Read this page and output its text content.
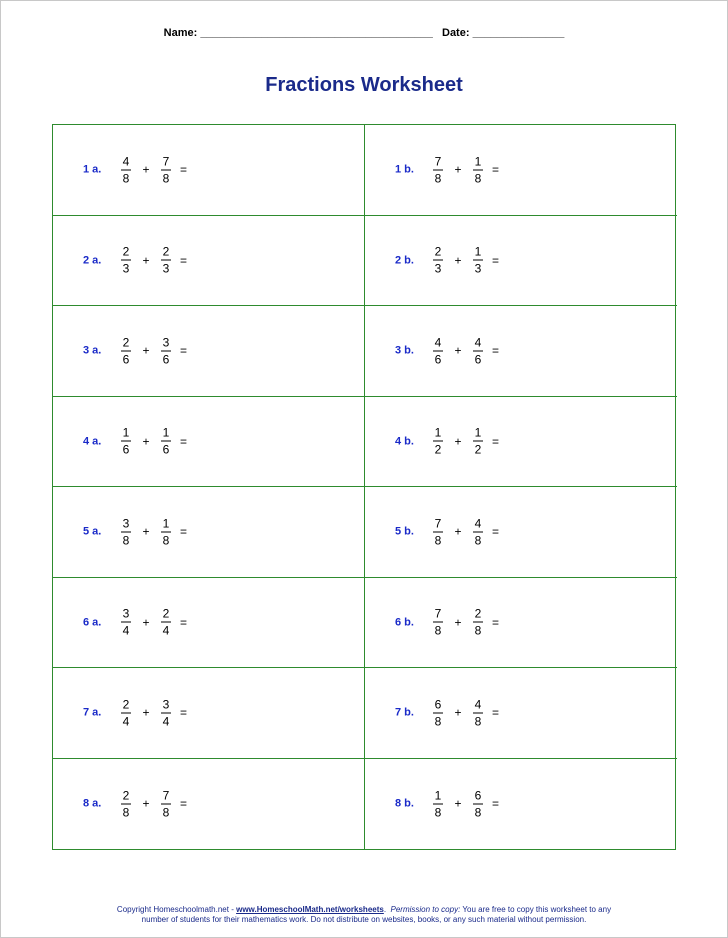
Name: ______________________________________ Date: _______________
Fractions Worksheet
1 a.	$\frac{4}{8} + \frac{7}{8}$ =	1 b.	$\frac{7}{8} + \frac{1}{8}$ =
2 a.	$\frac{2}{3} + \frac{2}{3}$ =	2 b.	$\frac{2}{3} + \frac{1}{3}$ =
3 a.	$\frac{2}{6} + \frac{3}{6}$ =	3 b.	$\frac{4}{6} + \frac{4}{6}$ =
4 a.	$\frac{1}{6} + \frac{1}{6}$ =	4 b.	$\frac{1}{2} + \frac{1}{2}$ =
5 a.	$\frac{3}{8} + \frac{1}{8}$ =	5 b.	$\frac{7}{8} + \frac{4}{8}$ =
6 a.	$\frac{3}{4} + \frac{2}{4}$ =	6 b.	$\frac{7}{8} + \frac{2}{8}$ =
7 a.	$\frac{2}{4} + \frac{3}{4}$ =	7 b.	$\frac{6}{8} + \frac{4}{8}$ =
8 a.	$\frac{2}{8} + \frac{7}{8}$ =	8 b.	$\frac{1}{8} + \frac{6}{8}$ =
Copyright Homeschoolmath.net - www.HomeschoolMath.net/worksheets.  Permission to copy: You are free to copy this worksheet to any
number of students for their mathematics work. Do not distribute on websites, books, or any such material without permission.
